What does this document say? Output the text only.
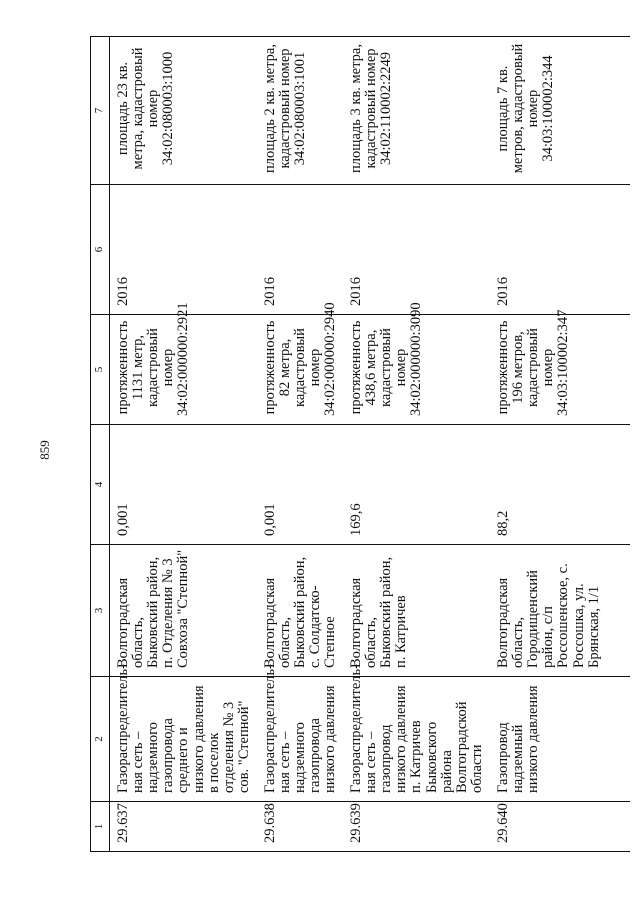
859
1	2	3	4	5	6	7
29.637	Газораспределитель-ная сеть – надземного газопровода среднего и низкого давления в поселок отделения № 3 сов. "Степной"	Волгоградская область, Быковский район, п. Отделения № 3 Совхоза "Степной"	0,001	протяженность 1131 метр, кадастровый номер 34:02:000000:2921	2016	площадь 23 кв. метра, кадастровый номер 34:02:080003:1000
29.638	Газораспределитель-ная сеть – надземного газопровода низкого давления	Волгоградская область, Быковский район, с. Солдатско-Степное	0,001	протяженность 82 метра, кадастровый номер 34:02:000000:2940	2016	площадь 2 кв. метра, кадастровый номер 34:02:080003:1001
29.639	Газораспределитель-ная сеть – газопровод низкого давления п. Катричев Быковского района Волгоградской области	Волгоградская область, Быковский район, п. Катричев	169,6	протяженность 438,6 метра, кадастровый номер 34:02:000000:3090	2016	площадь 3 кв. метра, кадастровый номер 34:02:110002:2249
29.640	Газопровод надземный низкого давления	Волгоградская область, Городищенский район, с/п Россошенское, с. Россошка, ул. Брянская, 1/1	88,2	протяженность 196 метров, кадастровый номер 34:03:100002:347	2016	площадь 7 кв. метров, кадастровый номер 34:03:100002:344
